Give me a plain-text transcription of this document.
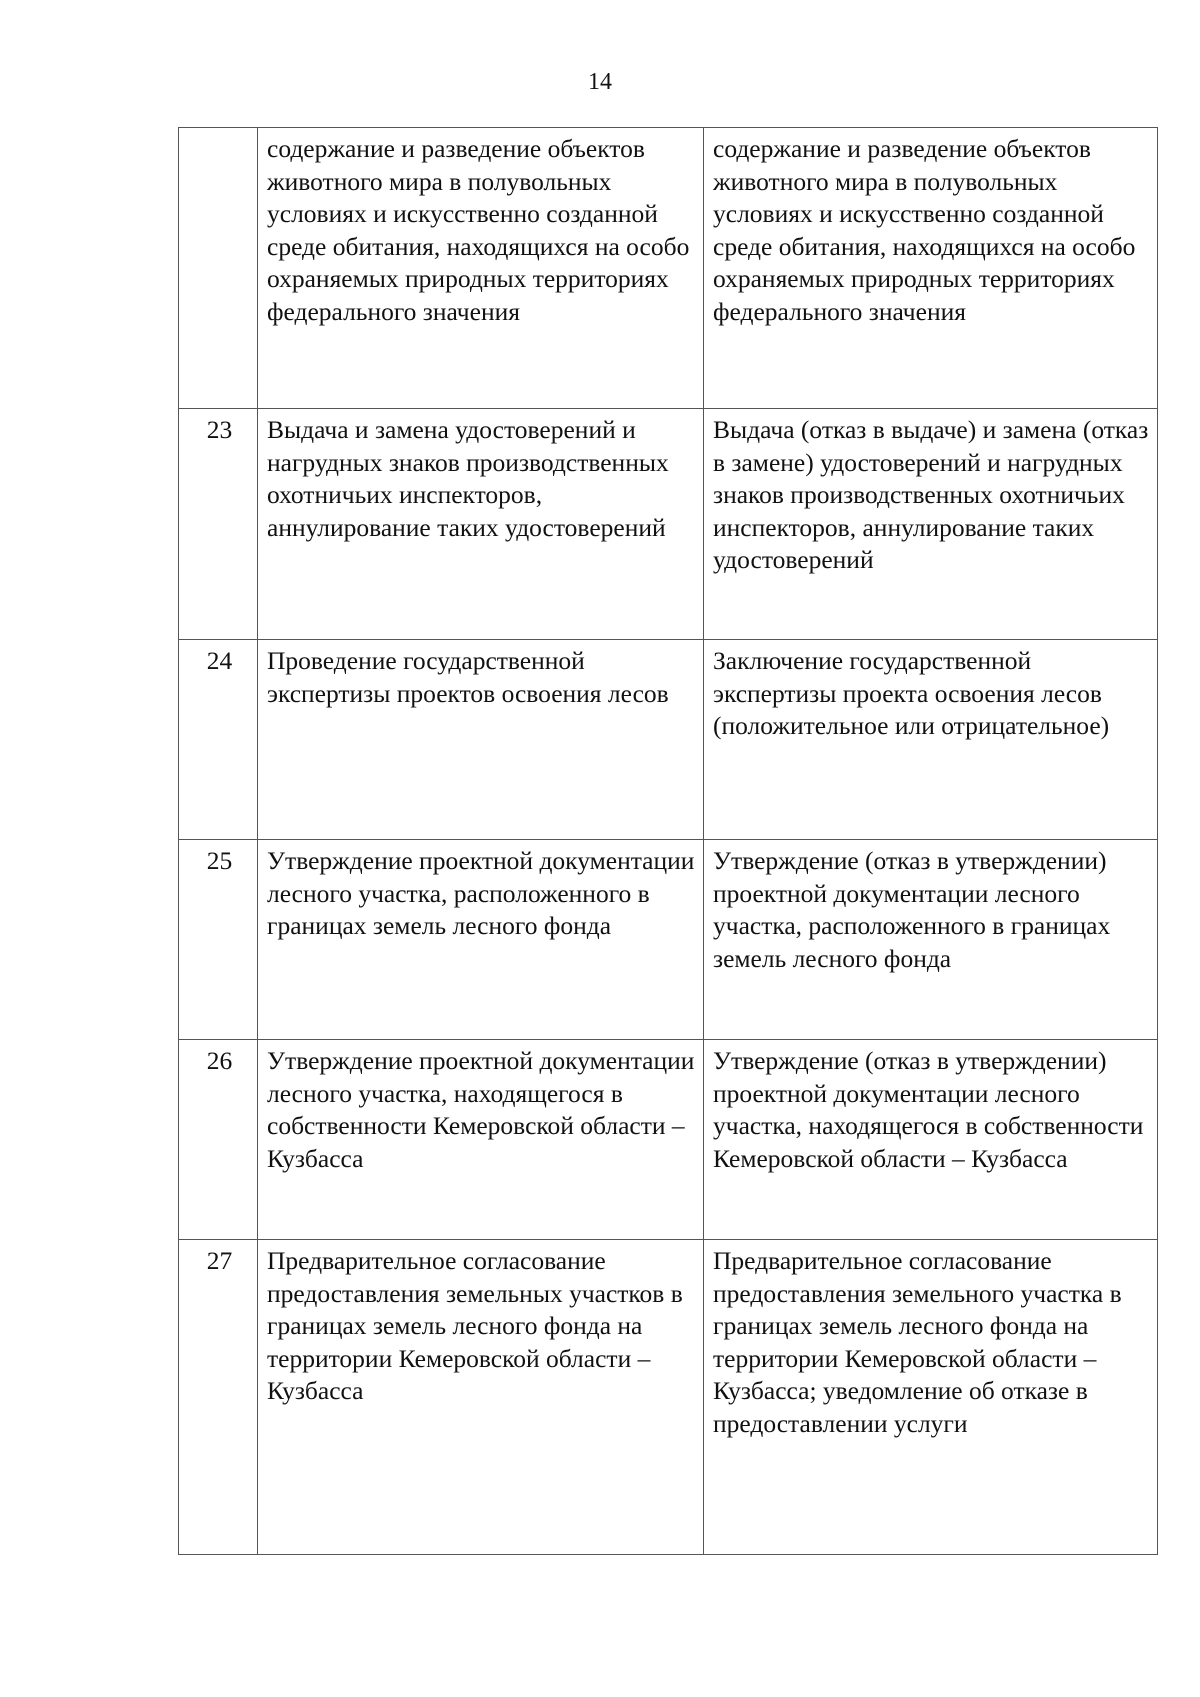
14
	содержание и разведение объектов животного мира в полувольных условиях и искусственно созданной среде обитания, находящихся на особо охраняемых природных территориях федерального значения	содержание и разведение объектов животного мира в полувольных условиях и искусственно созданной среде обитания, находящихся на особо охраняемых природных территориях федерального значения
23	Выдача и замена удостоверений и нагрудных знаков производственных охотничьих инспекторов, аннулирование таких удостоверений	Выдача (отказ в выдаче) и замена (отказ в замене) удостоверений и нагрудных знаков производственных охотничьих инспекторов, аннулирование таких удостоверений
24	Проведение государственной экспертизы проектов освоения лесов	Заключение государственной экспертизы проекта освоения лесов (положительное или отрицательное)
25	Утверждение проектной документации лесного участка, расположенного в границах земель лесного фонда	Утверждение (отказ в утверждении) проектной документации лесного участка, расположенного в границах земель лесного фонда
26	Утверждение проектной документации лесного участка, находящегося в собственности Кемеровской области – Кузбасса	Утверждение (отказ в утверждении) проектной документации лесного участка, находящегося в собственности Кемеровской области – Кузбасса
27	Предварительное согласование предоставления земельных участков в границах земель лесного фонда на территории Кемеровской области – Кузбасса	Предварительное согласование предоставления земельного участка в границах земель лесного фонда на территории Кемеровской области – Кузбасса; уведомление об отказе в предоставлении услуги
